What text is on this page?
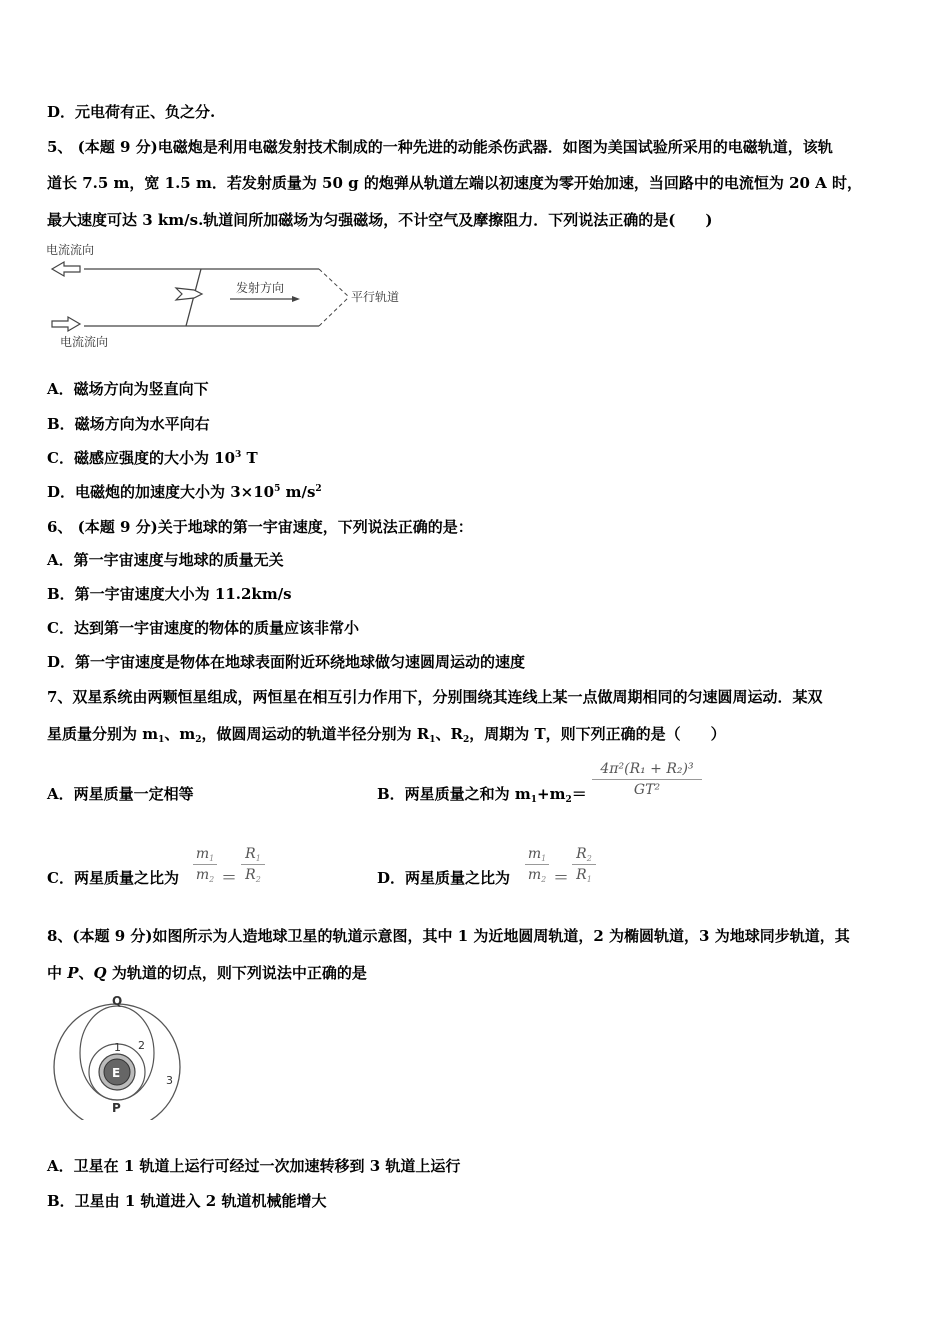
D．元电荷有正、负之分.
5、 (本题 9 分)电磁炮是利用电磁发射技术制成的一种先进的动能杀伤武器．如图为美国试验所采用的电磁轨道，该轨
道长 7.5 m，宽 1.5 m．若发射质量为 50 g 的炮弹从轨道左端以初速度为零开始加速，当回路中的电流恒为 20 A 时，
最大速度可达 3 km/s.轨道间所加磁场为匀强磁场，不计空气及摩擦阻力．下列说法正确的是(　　)
电流流向
发射方向
平行轨道
电流流向
A．磁场方向为竖直向下
B．磁场方向为水平向右
C．磁感应强度的大小为 $10^3$ T
D．电磁炮的加速度大小为 $3\times 10^5$ $m/s^2$
6、 (本题 9 分)关于地球的第一宇宙速度，下列说法正确的是：
A．第一宇宙速度与地球的质量无关
B．第一宇宙速度大小为 11.2km/s
C．达到第一宇宙速度的物体的质量应该非常小
D．第一宇宙速度是物体在地球表面附近环绕地球做匀速圆周运动的速度
7、双星系统由两颗恒星组成，两恒星在相互引力作用下，分别围绕其连线上某一点做周期相同的匀速圆周运动．某双
星质量分别为 $m_1$、$m_2$，做圆周运动的轨道半径分别为 $R_1$、$R_2$，周期为 T，则下列正确的是（　　）
A．两星质量一定相等	B．两星质量之和为 $m_1+m_2=$
4π²(R₁ + R₂)³
GT²
C．两星质量之比为
$m_1$
$m_2$ ＝
$R_1$
$R_2$	D．两星质量之比为
$m_1$
$m_2$ ＝
$R_2$
$R_1$
8、(本题 9 分)如图所示为人造地球卫星的轨道示意图，其中 1 为近地圆周轨道，2 为椭圆轨道，3 为地球同步轨道，其
中 P、Q 为轨道的切点，则下列说法中正确的是
E
Q
P
1 2
3
A．卫星在 1 轨道上运行可经过一次加速转移到 3 轨道上运行
B．卫星由 1 轨道进入 2 轨道机械能增大
